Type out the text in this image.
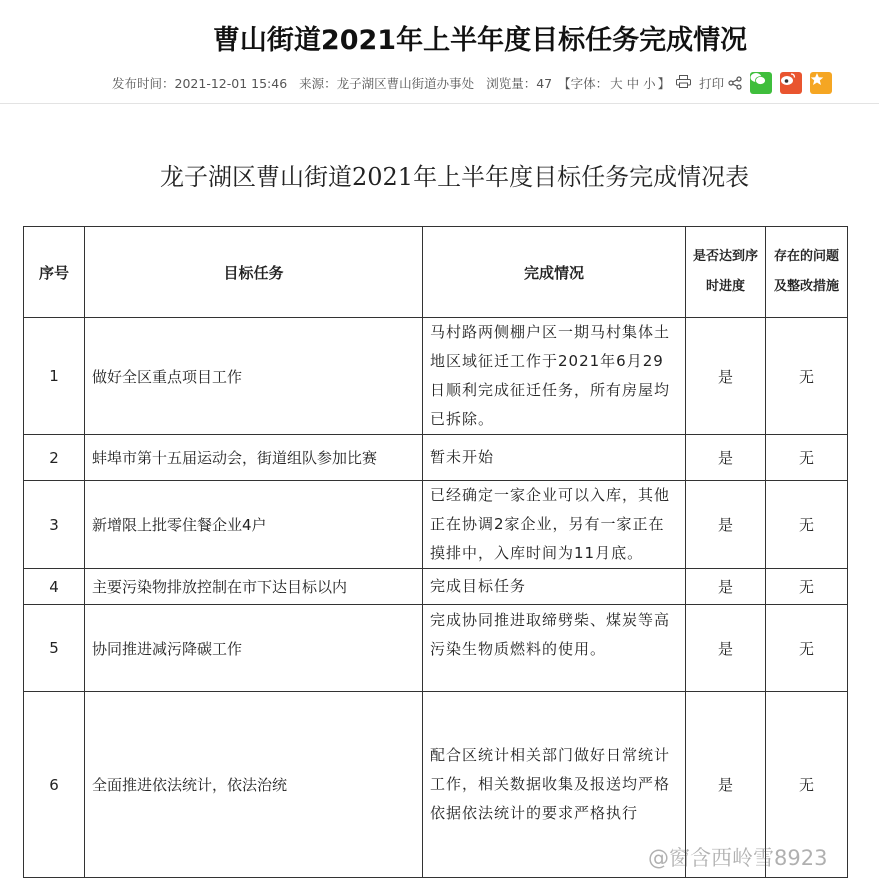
曹山街道2021年上半年度目标任务完成情况
发布时间： 2021-12-01 15:46 来源： 龙子湖区曹山街道办事处 浏览量： 47 【字体： 大 中 小 】	打印
龙子湖区曹山街道2021年上半年度目标任务完成情况表
序号	目标任务	完成情况	是否达到序时进度	存在的问题及整改措施
1	做好全区重点项目工作	马村路两侧棚户区一期马村集体土地区域征迁工作于2021年6月29日顺利完成征迁任务，所有房屋均已拆除。	是	无
2	蚌埠市第十五届运动会，街道组队参加比赛	暂未开始	是	无
3	新增限上批零住餐企业4户	已经确定一家企业可以入库，其他正在协调2家企业，另有一家正在摸排中，入库时间为11月底。	是	无
4	主要污染物排放控制在市下达目标以内	完成目标任务	是	无
5	协同推进减污降碳工作	完成协同推进取缔劈柴、煤炭等高污染生物质燃料的使用。	是	无
6	全面推进依法统计，依法治统	配合区统计相关部门做好日常统计工作，相关数据收集及报送均严格依据依法统计的要求严格执行	是	无
@窗含西岭雪8923
